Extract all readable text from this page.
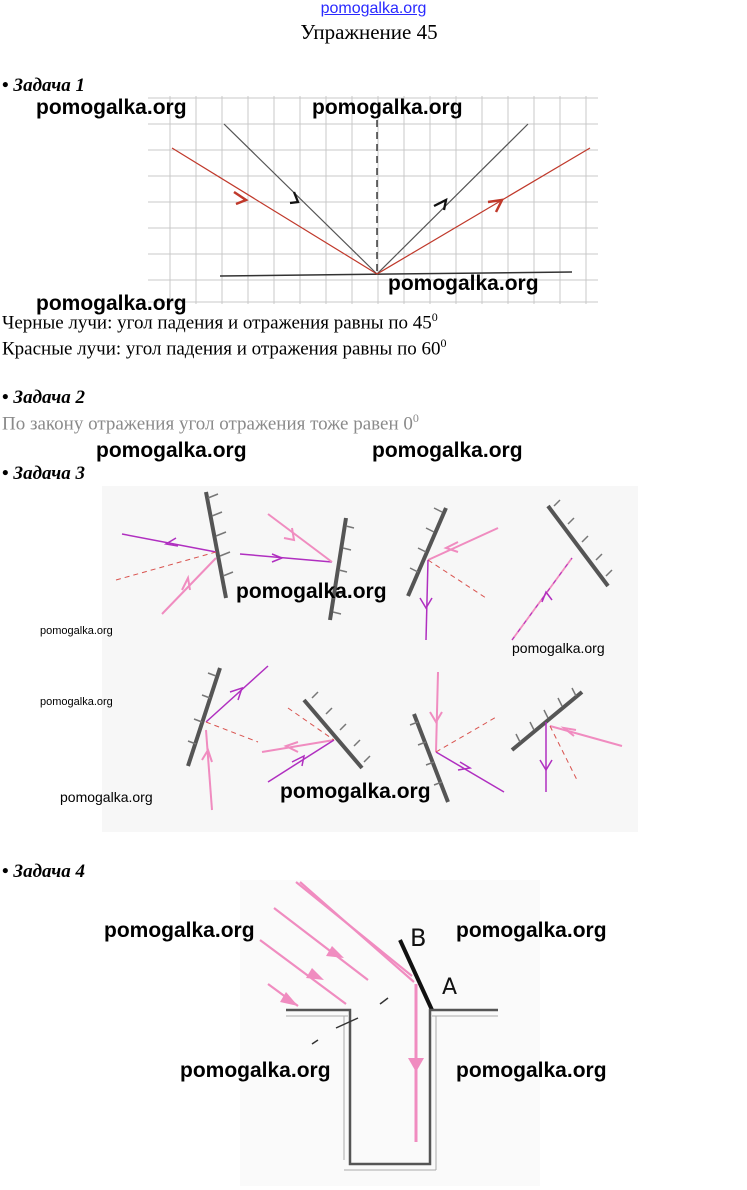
pomogalka.org
Упражнение 45
• Задача 1
Черные лучи: угол падения и отражения равны по $45^0$
Красные лучи: угол падения и отражения равны по $60^0$
• Задача 2
По закону отражения угол отражения тоже равен $0^0$
• Задача 3
• Задача 4
В
А
pomogalka.org	pomogalka.org
pomogalka.org
pomogalka.org
pomogalka.org	pomogalka.org
pomogalka.org
pomogalka.org
pomogalka.org
pomogalka.org
pomogalka.org	pomogalka.org
pomogalka.org	pomogalka.org
pomogalka.org	pomogalka.org
